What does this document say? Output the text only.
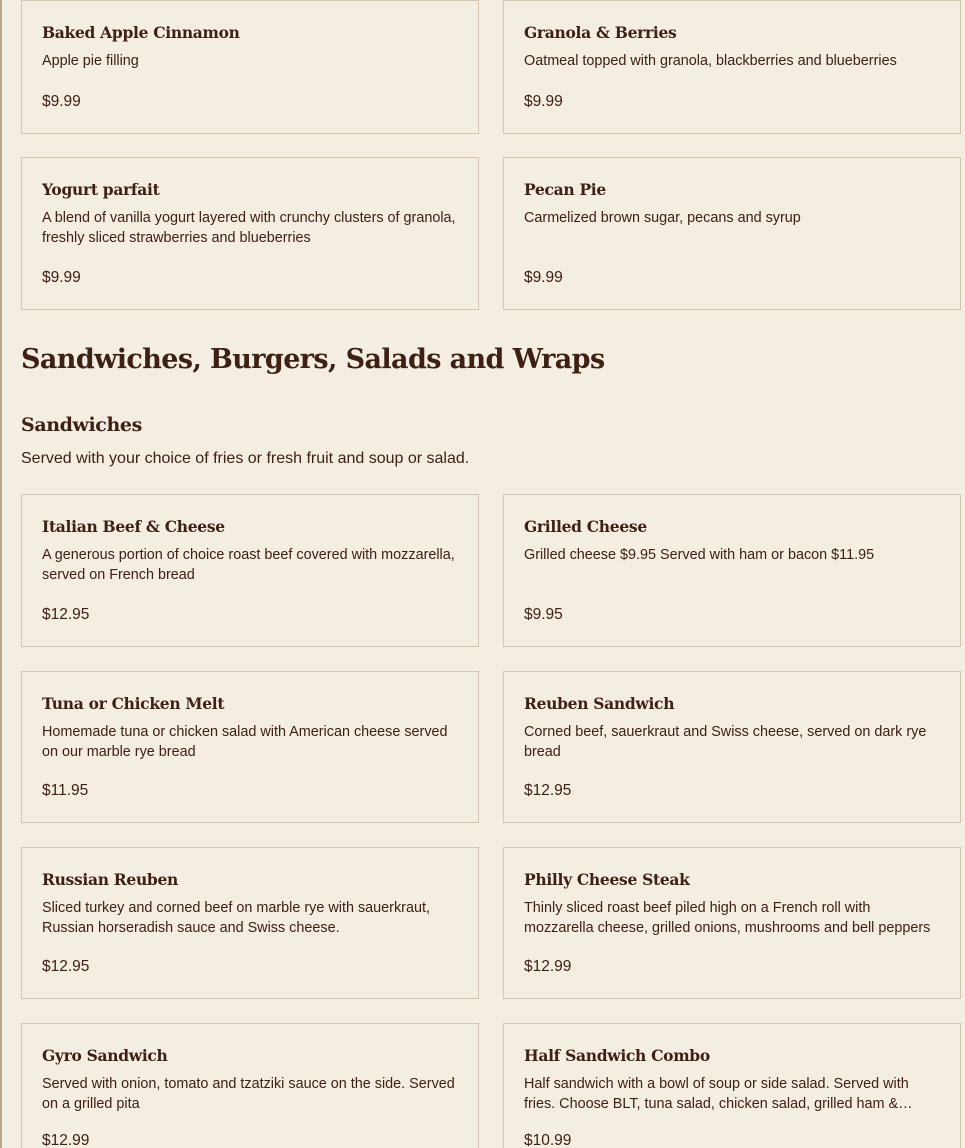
Baked Apple Cinnamon
Apple pie filling
$9.99
Granola & Berries
Oatmeal topped with granola, blackberries and blueberries
$9.99
Yogurt parfait
A blend of vanilla yogurt layered with crunchy clusters of granola, freshly sliced strawberries and blueberries
$9.99
Pecan Pie
Carmelized brown sugar, pecans and syrup
$9.99
Sandwiches, Burgers, Salads and Wraps
Sandwiches

Served with your choice of fries or fresh fruit and soup or salad.

Italian Beef & Cheese
A generous portion of choice roast beef covered with mozzarella, served on French bread
$12.95
Grilled Cheese
Grilled cheese $9.95 Served with ham or bacon $11.95
$9.95
Tuna or Chicken Melt
Homemade tuna or chicken salad with American cheese served on our marble rye bread
$11.95
Reuben Sandwich
Corned beef, sauerkraut and Swiss cheese, served on dark rye bread
$12.95
Russian Reuben
Sliced turkey and corned beef on marble rye with sauerkraut, Russian horseradish sauce and Swiss cheese.
$12.95
Philly Cheese Steak
Thinly sliced roast beef piled high on a French roll with mozzarella cheese, grilled onions, mushrooms and bell peppers
$12.99
Gyro Sandwich
Served with onion, tomato and tzatziki sauce on the side. Served on a grilled pita
$12.99
Half Sandwich Combo
Half sandwich with a bowl of soup or side salad. Served with fries. Choose BLT, tuna salad, chicken salad, grilled ham &…
$10.99
